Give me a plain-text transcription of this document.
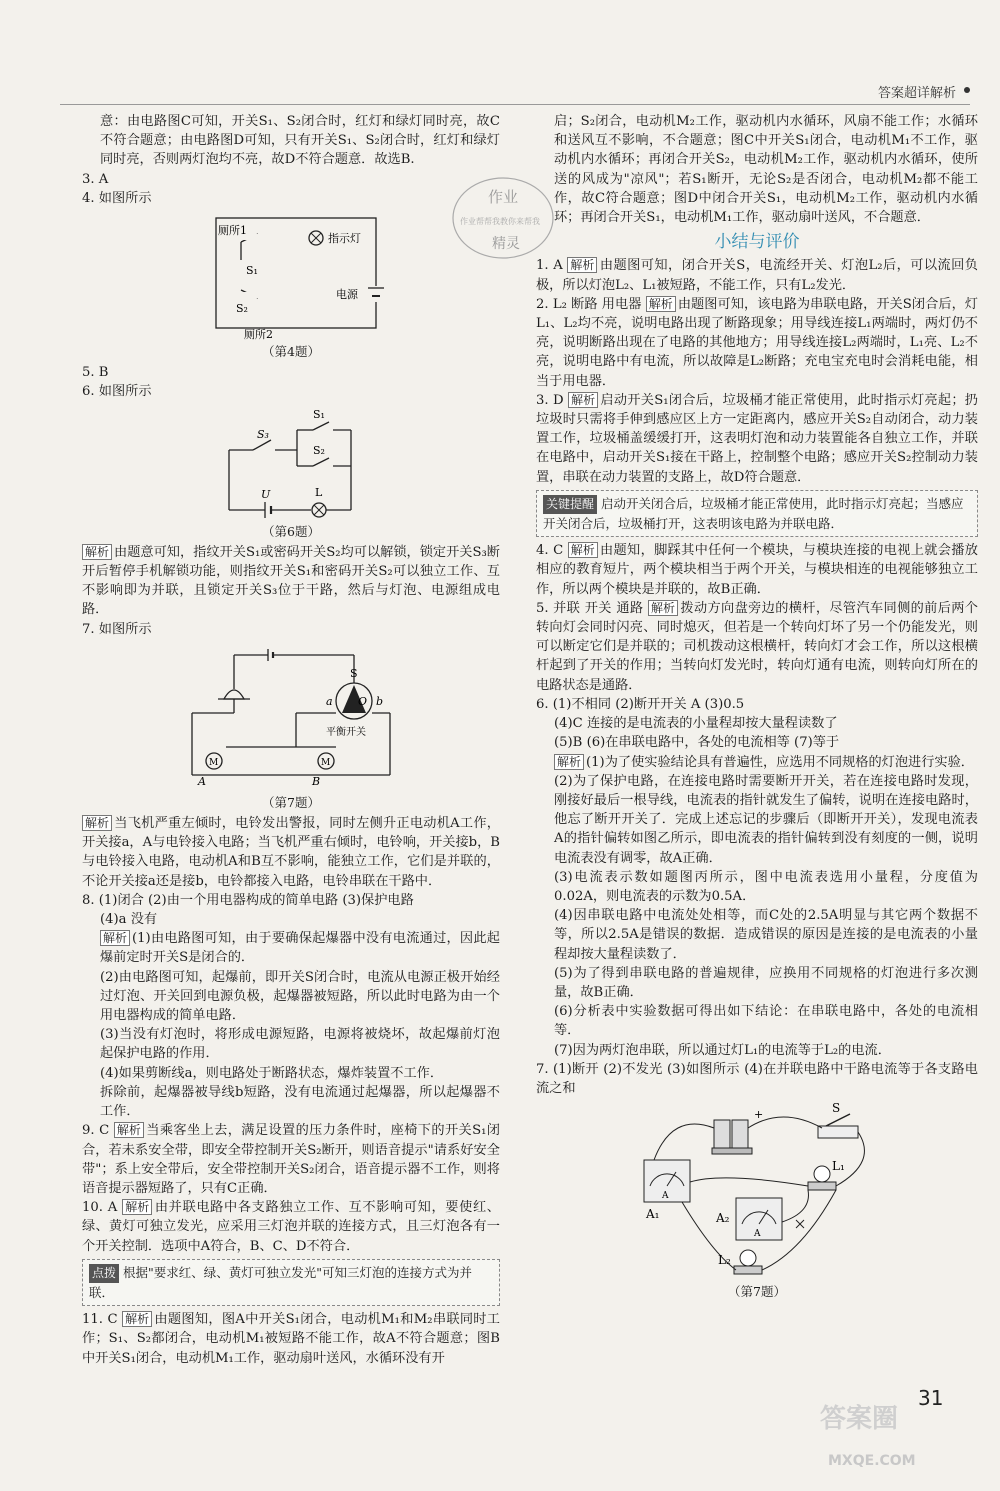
答案超详解析
作业
作业帮帮我教你来帮我
精灵

意：由电路图C可知，开关S₁、S₂闭合时，红灯和绿灯同时亮，故C不符合题意；由电路图D可知，只有开关S₁、S₂闭合时，红灯和绿灯同时亮，否则两灯泡均不亮，故D不符合题意．故选B.

3. A

4. 如图所示

厕所1
S₁
S₂
厕所2
指示灯
电源

（第4题）

5. B

6. 如图所示

S₃
S₁
S₂
U	L

（第6题）

解析 由题意可知，指纹开关S₁或密码开关S₂均可以解锁，锁定开关S₃断开后暂停手机解锁功能，则指纹开关S₁和密码开关S₂可以独立工作、互不影响即为并联，且锁定开关S₃位于干路，然后与灯泡、电源组成电路．

7. 如图所示

M	M
S
a O b
平衡开关
A	B

（第7题）

解析 当飞机严重左倾时，电铃发出警报，同时左侧升正电动机A工作，开关接a，A与电铃接入电路；当飞机严重右倾时，电铃响，开关接b，B与电铃接入电路，电动机A和B互不影响，能独立工作，它们是并联的，不论开关接a还是接b，电铃都接入电路，电铃串联在干路中．

8. (1)闭合 (2)由一个用电器构成的简单电路 (3)保护电路

(4)a 没有

解析 (1)由电路图可知，由于要确保起爆器中没有电流通过，因此起爆前定时开关S是闭合的．

(2)由电路图可知，起爆前，即开关S闭合时，电流从电源正极开始经过灯泡、开关回到电源负极，起爆器被短路，所以此时电路为由一个用电器构成的简单电路．

(3)当没有灯泡时，将形成电源短路，电源将被烧坏，故起爆前灯泡起保护电路的作用．

(4)如果剪断线a，则电路处于断路状态，爆炸装置不工作．

拆除前，起爆器被导线b短路，没有电流通过起爆器，所以起爆器不工作．

9. C 解析 当乘客坐上去，满足设置的压力条件时，座椅下的开关S₁闭合，若未系安全带，即安全带控制开关S₂断开，则语音提示"请系好安全带"；系上安全带后，安全带控制开关S₂闭合，语音提示器不工作，则将语音提示器短路了，只有C正确．

10. A 解析 由并联电路中各支路独立工作、互不影响可知，要使红、绿、黄灯可独立发光，应采用三灯泡并联的连接方式，且三灯泡各有一个开关控制．选项中A符合，B、C、D不符合．

点拨 根据"要求红、绿、黄灯可独立发光"可知三灯泡的连接方式为并联．

11. C 解析 由题图知，图A中开关S₁闭合，电动机M₁和M₂串联同时工作；S₁、S₂都闭合，电动机M₁被短路不能工作，故A不符合题意；图B中开关S₁闭合，电动机M₁工作，驱动扇叶送风，水循环没有开

启；S₂闭合，电动机M₂工作，驱动机内水循环，风扇不能工作；水循环和送风互不影响，不合题意；图C中开关S₁闭合，电动机M₁不工作，驱动机内水循环；再闭合开关S₂，电动机M₂工作，驱动机内水循环，使所送的风成为"凉风"；若S₁断开，无论S₂是否闭合，电动机M₂都不能工作，故C符合题意；图D中闭合开关S₁，电动机M₂工作，驱动机内水循环；再闭合开关S₁，电动机M₁工作，驱动扇叶送风，不合题意．

小结与评价

1. A 解析 由题图可知，闭合开关S，电流经开关、灯泡L₂后，可以流回负极，所以灯泡L₂、L₁被短路，不能工作，只有L₂发光．

2. L₂ 断路 用电器 解析 由题图可知，该电路为串联电路，开关S闭合后，灯L₁、L₂均不亮，说明电路出现了断路现象；用导线连接L₁两端时，两灯仍不亮，说明断路出现在了电路的其他地方；用导线连接L₂两端时，L₁亮、L₂不亮，说明电路中有电流，所以故障是L₂断路；充电宝充电时会消耗电能，相当于用电器．

3. D 解析 启动开关S₁闭合后，垃圾桶才能正常使用，此时指示灯亮起；扔垃圾时只需将手伸到感应区上方一定距离内，感应开关S₂自动闭合，动力装置工作，垃圾桶盖缓缓打开，这表明灯泡和动力装置能各自独立工作，并联在电路中，启动开关S₁接在干路上，控制整个电路；感应开关S₂控制动力装置，串联在动力装置的支路上，故D符合题意．

关键提醒 启动开关闭合后，垃圾桶才能正常使用，此时指示灯亮起；当感应开关闭合后，垃圾桶打开，这表明该电路为并联电路．

4. C 解析 由题知，脚踩其中任何一个模块，与模块连接的电视上就会播放相应的教育短片，两个模块相当于两个开关，与模块相连的电视能够独立工作，所以两个模块是并联的，故B正确．

5. 并联 开关 通路 解析 拨动方向盘旁边的横杆，尽管汽车同侧的前后两个转向灯会同时闪亮、同时熄灭，但若是一个转向灯坏了另一个仍能发光，则可以断定它们是并联的；司机拨动这根横杆，转向灯才会工作，所以这根横杆起到了开关的作用；当转向灯发光时，转向灯通有电流，则转向灯所在的电路状态是通路．

6. (1)不相同 (2)断开开关 A (3)0.5

(4)C 连接的是电流表的小量程却按大量程读数了

(5)B (6)在串联电路中，各处的电流相等 (7)等于

解析 (1)为了使实验结论具有普遍性，应选用不同规格的灯泡进行实验．

(2)为了保护电路，在连接电路时需要断开开关，若在连接电路时发现，刚接好最后一根导线，电流表的指针就发生了偏转，说明在连接电路时，他忘了断开开关了．完成上述忘记的步骤后（即断开开关），发现电流表A的指针偏转如图乙所示，即电流表的指针偏转到没有刻度的一侧，说明电流表没有调零，故A正确．

(3)电流表示数如题图丙所示，图中电流表选用小量程，分度值为0.02A，则电流表的示数为0.5A．

(4)因串联电路中电流处处相等，而C处的2.5A明显与其它两个数据不等，所以2.5A是错误的数据．造成错误的原因是连接的是电流表的小量程却按大量程读数了．

(5)为了得到串联电路的普遍规律，应换用不同规格的灯泡进行多次测量，故B正确．

(6)分析表中实验数据可得出如下结论：在串联电路中，各处的电流相等．

(7)因为两灯泡串联，所以通过灯L₁的电流等于L₂的电流．

7. (1)断开 (2)不发光 (3)如图所示 (4)在并联电路中干路电流等于各支路电流之和

A
A
+	S
L₁
A₁	A₂
L₂

（第7题）

31
答案圈
MXQE.COM
